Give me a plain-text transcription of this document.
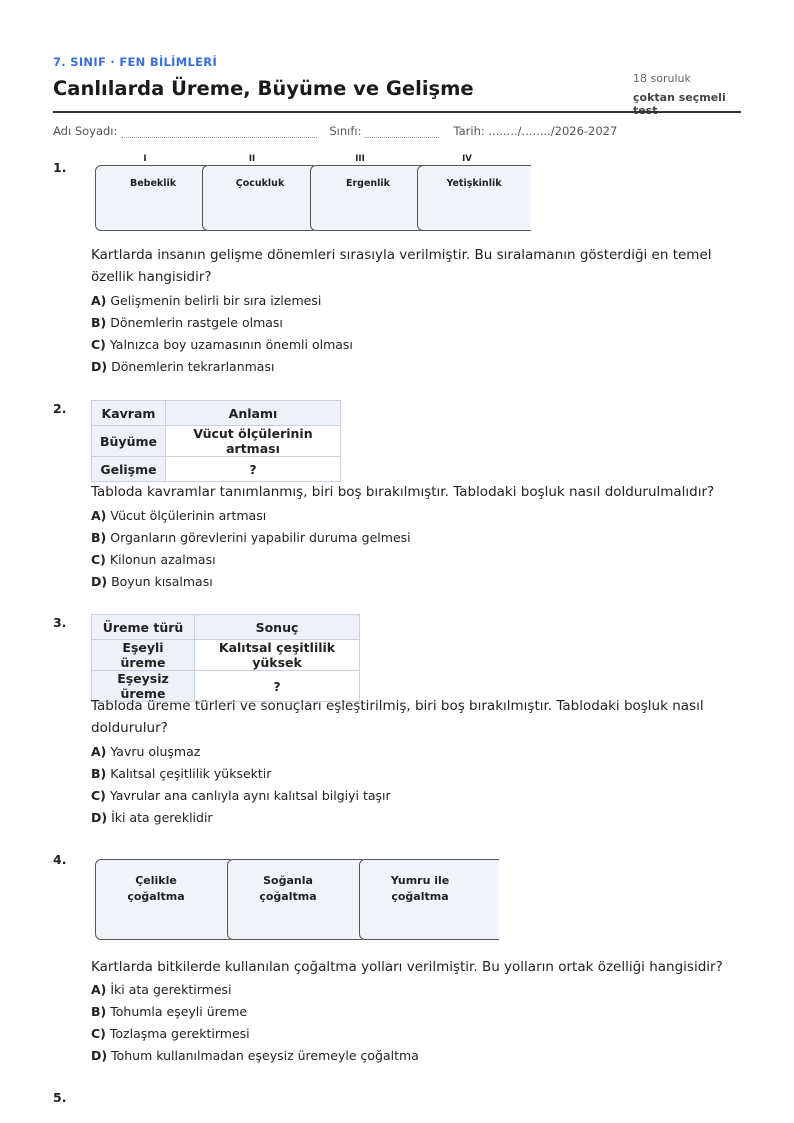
7. SINIF · FEN BİLİMLERİ
Canlılarda Üreme, Büyüme ve Gelişme	18 soruluk
çoktan seçmeli test
Adı Soyadı:	Sınıfı:	Tarih: ......../......../2026-2027
1.
I	II	III	IV
Bebeklik	Çocukluk	Ergenlik	Yetişkinlik
Kartlarda insanın gelişme dönemleri sırasıyla verilmiştir. Bu sıralamanın gösterdiği en temel özellik hangisidir?
A) Gelişmenin belirli bir sıra izlemesi
B) Dönemlerin rastgele olması
C) Yalnızca boy uzamasının önemli olması
D) Dönemlerin tekrarlanması
2.	Kavram	Anlamı
Büyüme	Vücut ölçülerinin artması
Gelişme	?
Tabloda kavramlar tanımlanmış, biri boş bırakılmıştır. Tablodaki boşluk nasıl doldurulmalıdır?
A) Vücut ölçülerinin artması
B) Organların görevlerini yapabilir duruma gelmesi
C) Kilonun azalması
D) Boyun kısalması
3.	Üreme türü	Sonuç
Eşeyli üreme	Kalıtsal çeşitlilik yüksek
Eşeysiz üreme	?
Tabloda üreme türleri ve sonuçları eşleştirilmiş, biri boş bırakılmıştır. Tablodaki boşluk nasıl doldurulur?
A) Yavru oluşmaz
B) Kalıtsal çeşitlilik yüksektir
C) Yavrular ana canlıyla aynı kalıtsal bilgiyi taşır
D) İki ata gereklidir
4.
Çelikle
çoğaltma
Soğanla
çoğaltma
Yumru ile
çoğaltma
Kartlarda bitkilerde kullanılan çoğaltma yolları verilmiştir. Bu yolların ortak özelliği hangisidir?
A) İki ata gerektirmesi
B) Tohumla eşeyli üreme
C) Tozlaşma gerektirmesi
D) Tohum kullanılmadan eşeysiz üremeyle çoğaltma
5.
